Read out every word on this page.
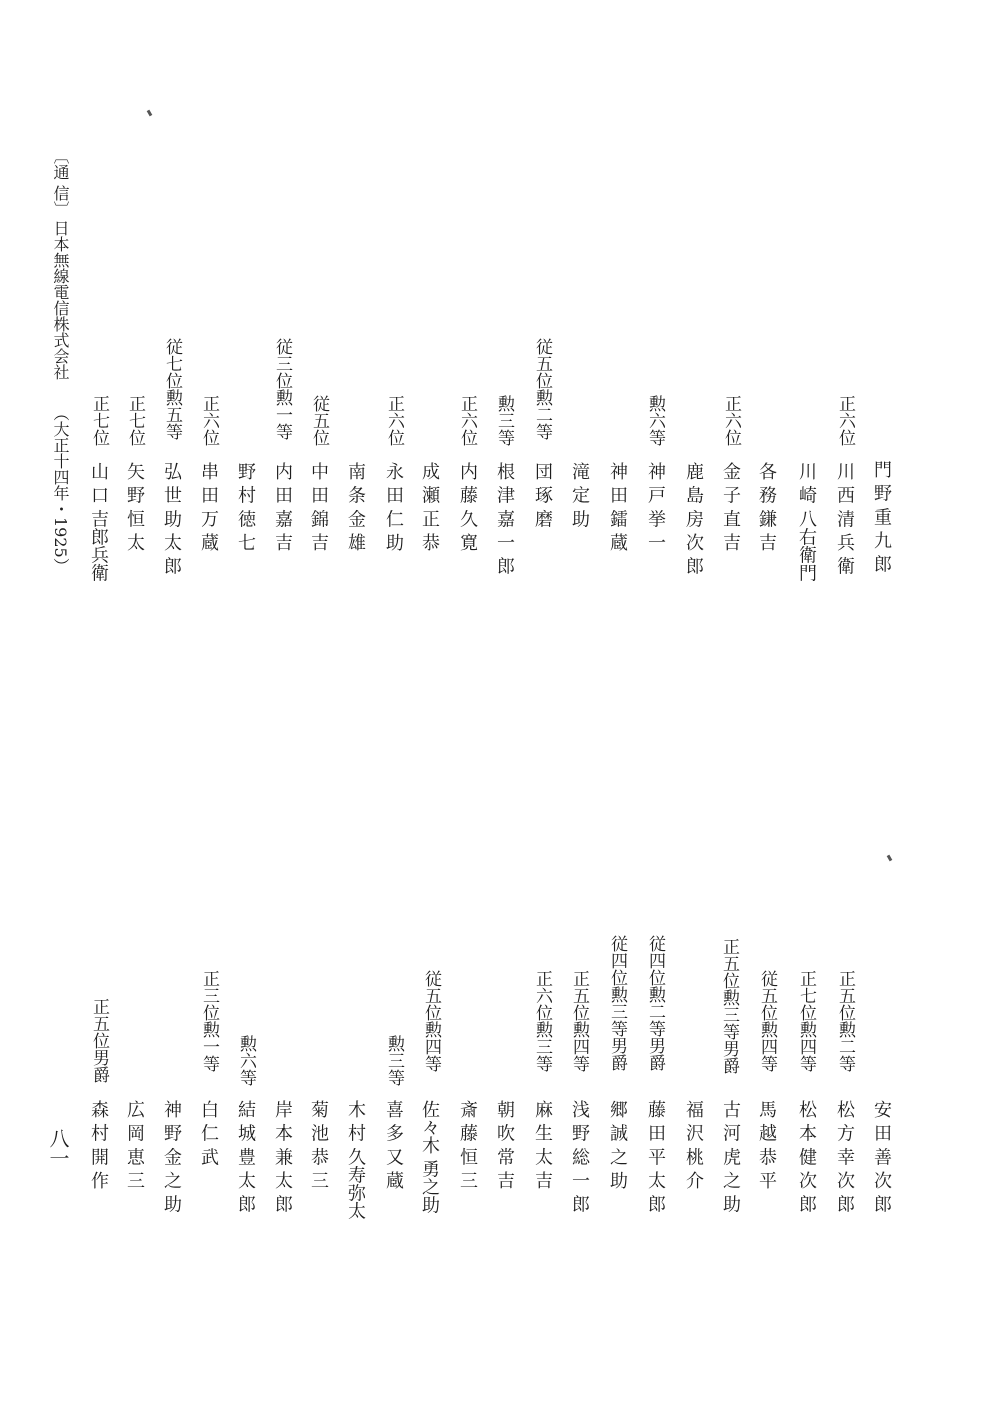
〔通 信〕
日本無線電信株式会社
（大正十四年・1925）	門 野 重 九 郎
正六位
川 西 清 兵 衛
川 崎 八右衛門
各 務 鎌 吉
正六位
金 子 直 吉
鹿 島 房 次 郎
勲六等
神 戸 挙 一
神 田 鐳 蔵
滝 定 助
従五位勲二等
団 琢 磨
勲三等
根 津 嘉 一 郎
正六位
内 藤 久 寛
成 瀬 正 恭
正六位
永 田 仁 助
南 条 金 雄
従五位
中 田 錦 吉
従三位勲一等
内 田 嘉 吉
野 村 徳 七
正六位
串 田 万 蔵
従七位勲五等
弘 世 助 太 郎
正七位
矢 野 恒 太
正七位
山 口 吉郎兵衛
安 田 善 次 郎
正五位勲二等
松 方 幸 次 郎
正七位勲四等
松 本 健 次 郎
従五位勲四等
馬 越 恭 平
正五位勲三等男爵
古 河 虎 之 助
福 沢 桃 介
従四位勲二等男爵
藤 田 平 太 郎
従四位勲三等男爵
郷 誠 之 助
正五位勲四等
浅 野 総 一 郎
正六位勲三等
麻 生 太 吉
朝 吹 常 吉
斎 藤 恒 三
従五位勲四等
佐々木 勇之助
勲三等
喜 多 又 蔵
木 村 久寿弥太
菊 池 恭 三
岸 本 兼 太 郎
勲六等
結 城 豊 太 郎
正三位勲一等
白 仁 武
神 野 金 之 助
広 岡 恵 三
正五位男爵
森 村 開 作
八一
